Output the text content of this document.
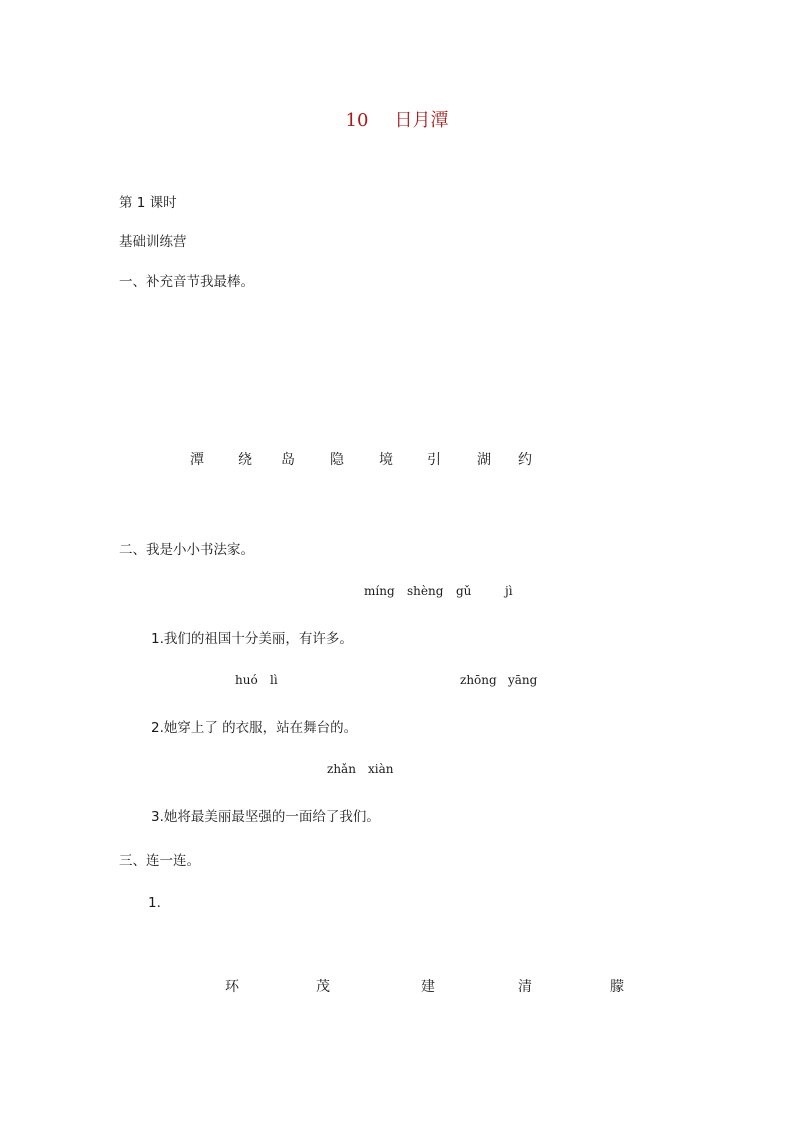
10 日月潭
第 1 课时
基础训练营
一、补充音节我最棒。
潭 绕 岛	隐	境 引	湖 约
二、我是小小书法家。
míng shèng gǔ	jì
1.我们的祖国十分美丽，有许多。
huó lì	zhōng yāng
2.她穿上了 的衣服，站在舞台的。
zhǎn xiàn
3.她将最美丽最坚强的一面给了我们。
三、连一连。
1.
环	茂	建	清	朦
